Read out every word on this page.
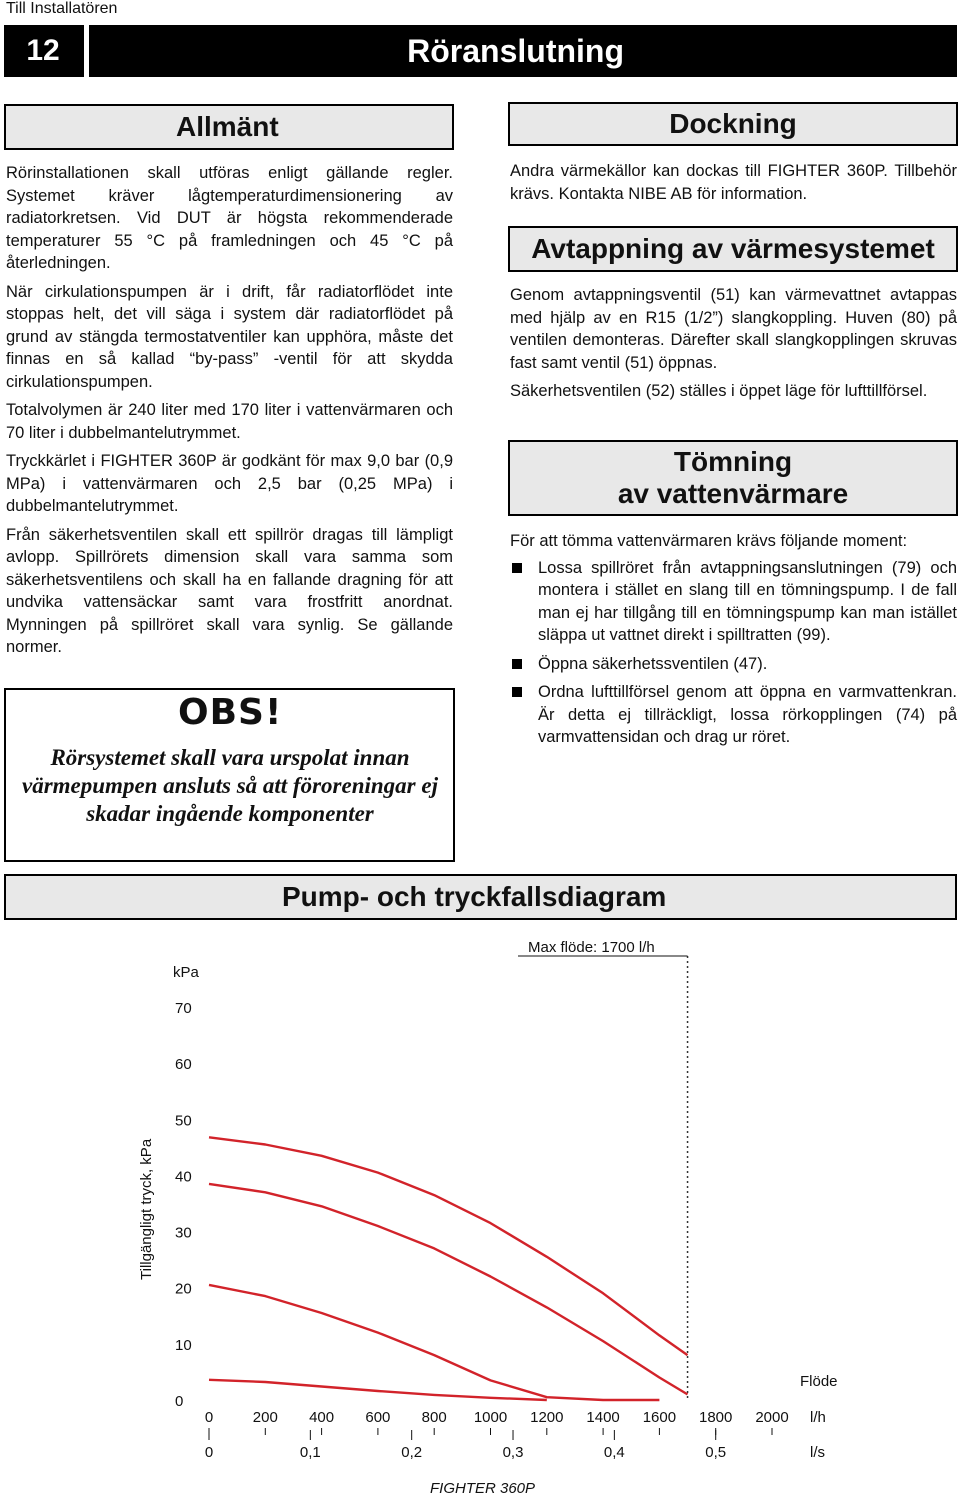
Till Installatören
12	Röranslutning
Allmänt

Rörinstallationen skall utföras enligt gällande regler. Systemet kräver lågtemperaturdimensionering av radiatorkretsen. Vid DUT är högsta rekommenderade temperaturer 55 °C på framledningen och 45 °C på återledningen.

När cirkulationspumpen är i drift, får radiatorflödet inte stoppas helt, det vill säga i system där radiatorflödet på grund av stängda termostatventiler kan upphöra, måste det finnas en så kallad “by-pass” -ventil för att skydda cirkulationspumpen.

Totalvolymen är 240 liter med 170 liter i vattenvärmaren och 70 liter i dubbelmantelutrymmet.

Tryckkärlet i FIGHTER 360P är godkänt för max 9,0 bar (0,9 MPa) i vattenvärmaren och 2,5 bar (0,25 MPa) i dubbelmantelutrymmet.

Från säkerhetsventilen skall ett spillrör dragas till lämpligt avlopp. Spillrörets dimension skall vara samma som säkerhetsventilens och skall ha en fallande dragning för att undvika vattensäckar samt vara frostfritt anordnat. Mynningen på spillröret skall vara synlig. Se gällande normer.

OBS!
Rörsystemet skall vara urspolat innan värmepumpen ansluts så att föroreningar ej skadar ingående komponenter
Dockning

Andra värmekällor kan dockas till FIGHTER 360P. Tillbehör krävs. Kontakta NIBE AB för information.

Avtappning av värmesystemet

Genom avtappningsventil (51) kan värmevattnet avtappas med hjälp av en R15 (1/2”) slangkoppling. Huven (80) på ventilen demonteras. Därefter skall slangkopplingen skruvas fast samt ventil (51) öppnas.

Säkerhetsventilen (52) ställes i öppet läge för lufttillförsel.

Tömning
av vattenvärmare

För att tömma vattenvärmaren krävs följande moment:

Lossa spillröret från avtappningsanslutningen (79) och montera i stället en slang till en tömningspump. I de fall man ej har tillgång till en tömningspump kan man istället släppa ut vattnet direkt i spilltratten (99).
Öppna säkerhetssventilen (47).
Ordna lufttillförsel genom att öppna en varmvattenkran. Är detta ej tillräckligt, lossa rörkopplingen (74) på varmvattensidan och drag ur röret.
Pump- och tryckfallsdiagram
0
10
20
30
40
50
60
70
kPa
Tillgängligt tryck, kPa
0	200 400 600 800 1000 1200 1400 1600 1800 2000
Flöde
l/h
0	0,1	0,2	0,3	0,4	0,5	l/s
Max flöde: 1700 l/h
FIGHTER 360P
